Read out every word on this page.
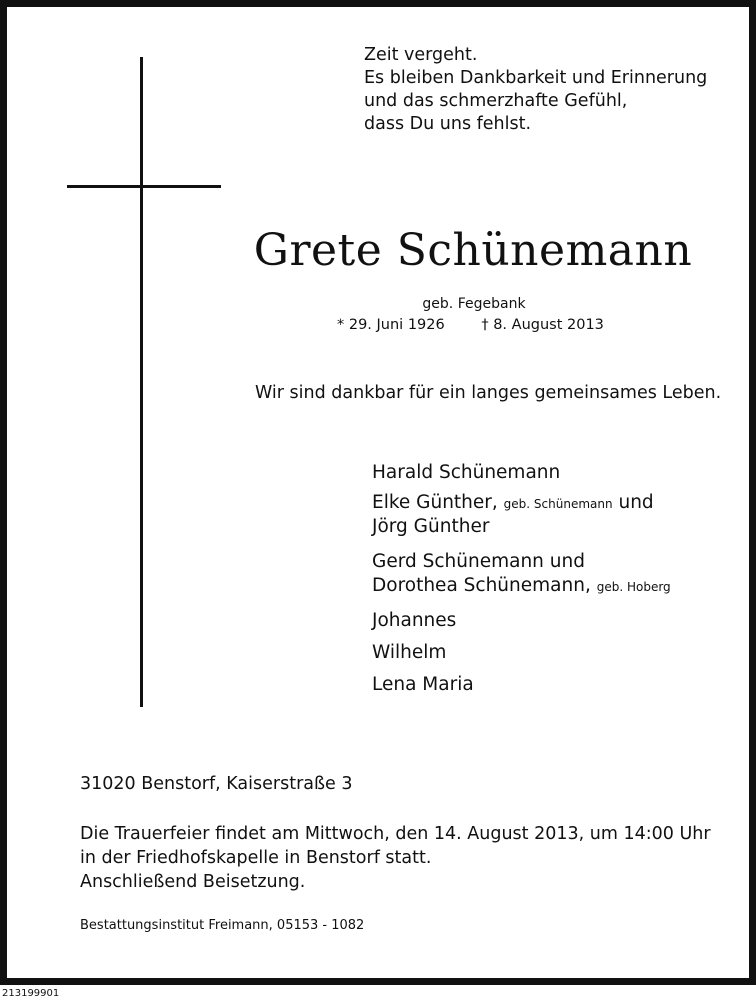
Zeit vergeht.
Es bleiben Dankbarkeit und Erinnerung
und das schmerzhafte Gefühl,
dass Du uns fehlst.
Grete Schünemann
geb. Fegebank
* 29. Juni 1926	† 8. August 2013
Wir sind dankbar für ein langes gemeinsames Leben.
Harald Schünemann
Elke Günther, geb. Schünemann und
Jörg Günther
Gerd Schünemann und
Dorothea Schünemann, geb. Hoberg
Johannes
Wilhelm
Lena Maria
31020 Benstorf, Kaiserstraße 3
Die Trauerfeier findet am Mittwoch, den 14. August 2013, um 14:00 Uhr
in der Friedhofskapelle in Benstorf statt.
Anschließend Beisetzung.
Bestattungsinstitut Freimann, 05153 - 1082
213199901
